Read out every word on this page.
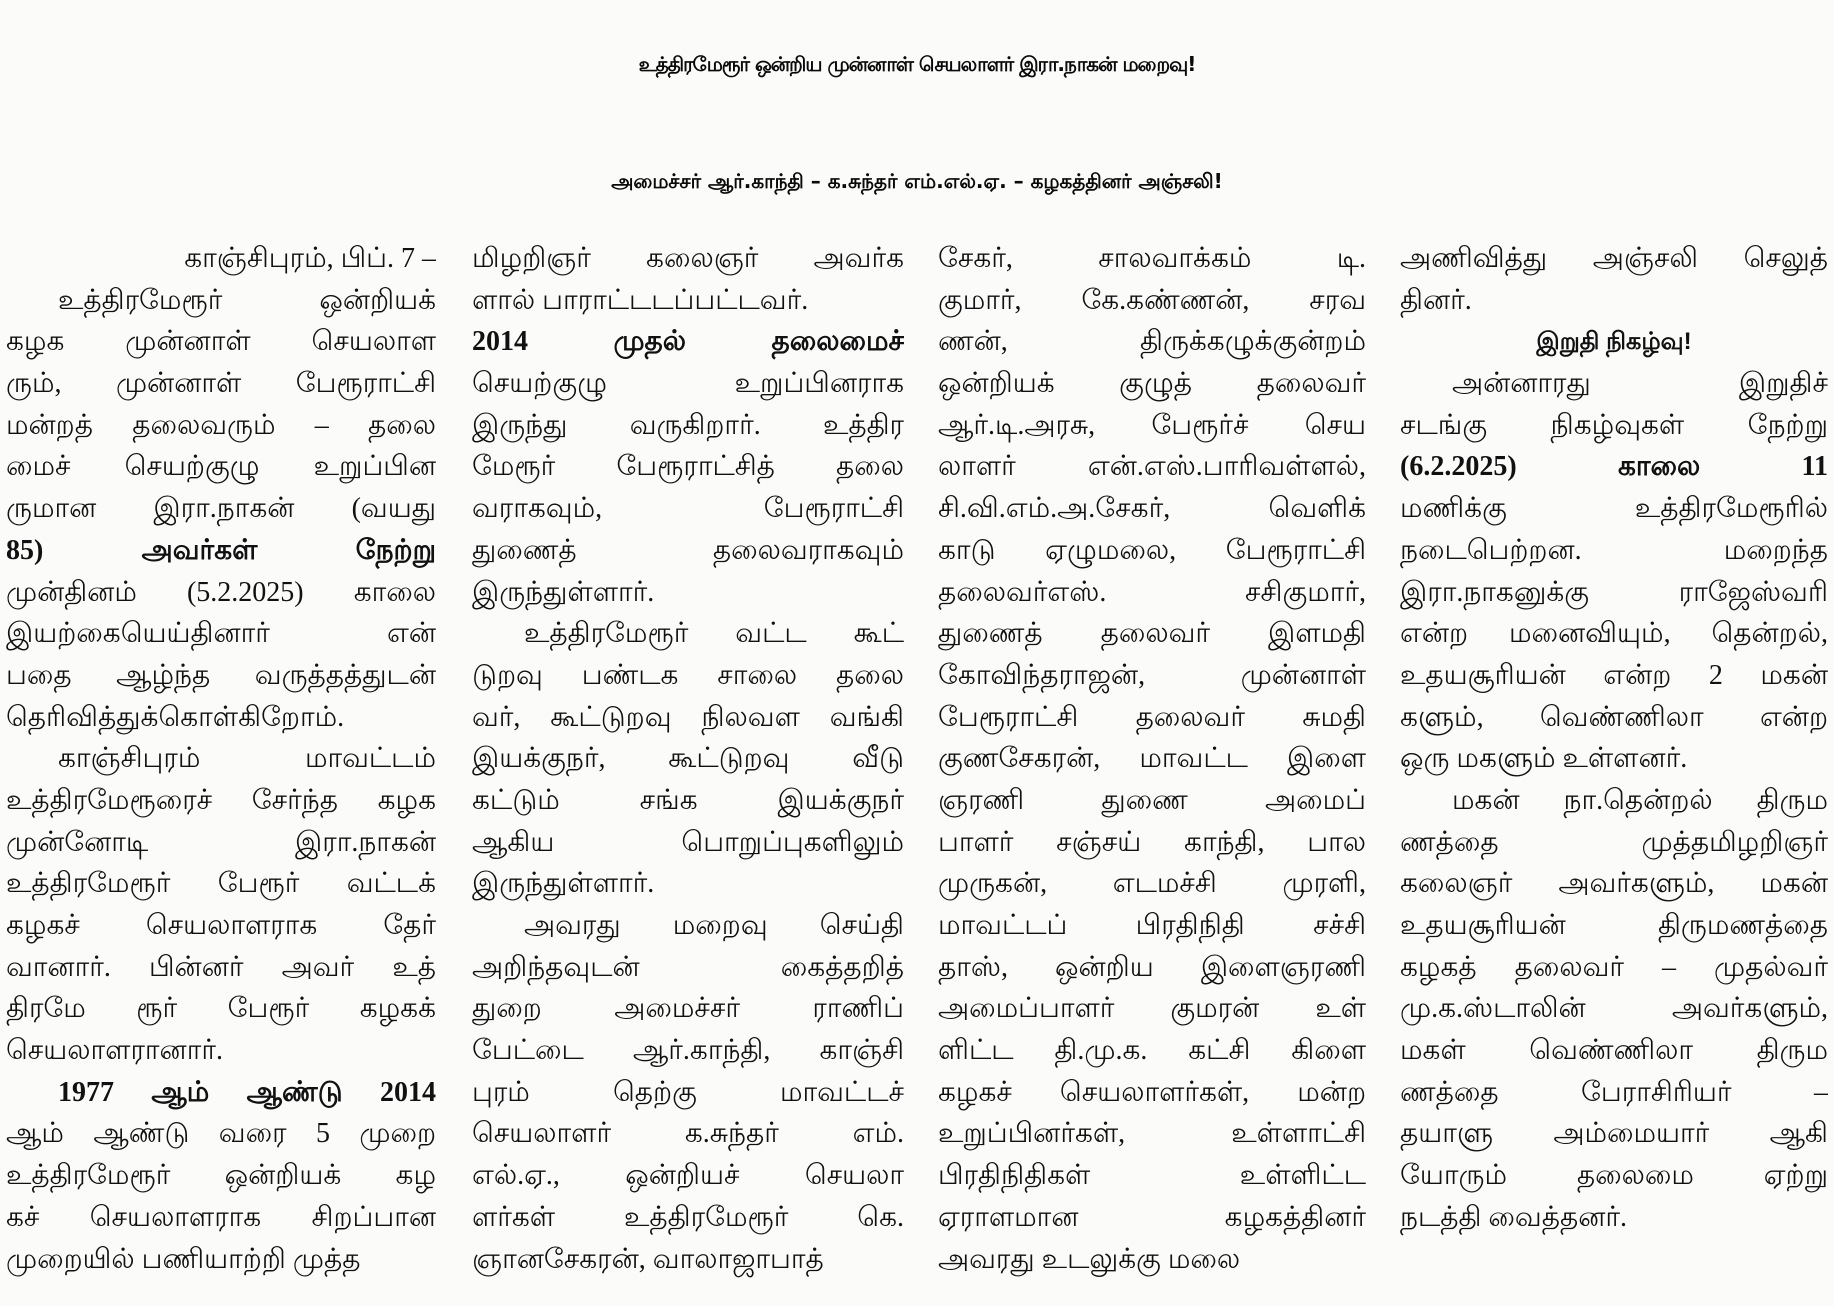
உத்திரமேரூர் ஒன்றிய முன்னாள் செயலாளர் இரா.நாகன் மறைவு!
அமைச்சர் ஆர்.காந்தி – க.சுந்தர் எம்.எல்.ஏ. – கழகத்தினர் அஞ்சலி!
காஞ்சிபுரம், பிப். 7 –
உத்திரமேரூர் ஒன்றியக்
கழக முன்னாள் செயலாள
ரும், முன்னாள் பேரூராட்சி
மன்றத் தலைவரும் – தலை
மைச் செயற்குழு உறுப்பின
ருமான இரா.நாகன் (வயது
85) அவர்கள் நேற்று
முன்தினம் (5.2.2025) காலை
இயற்கையெய்தினார் என்
பதை ஆழ்ந்த வருத்தத்துடன்
தெரிவித்துக்கொள்கிறோம்.
காஞ்சிபுரம் மாவட்டம்
உத்திரமேரூரைச் சேர்ந்த கழக
முன்னோடி இரா.நாகன்
உத்திரமேரூர் பேரூர் வட்டக்
கழகச் செயலாளராக தேர்
வானார். பின்னர் அவர் உத்
திரமே ரூர் பேரூர் கழகக்
செயலாளரானார்.
1977 ஆம் ஆண்டு 2014
ஆம் ஆண்டு வரை 5 முறை
உத்திரமேரூர் ஒன்றியக் கழ
கச் செயலாளராக சிறப்பான
முறையில் பணியாற்றி முத்த
மிழறிஞர் கலைஞர் அவர்க
ளால் பாராட்டடப்பட்டவர்.
2014 முதல் தலைமைச்
செயற்குழு உறுப்பினராக
இருந்து வருகிறார். உத்திர
மேரூர் பேரூராட்சித் தலை
வராகவும், பேரூராட்சி
துணைத் தலைவராகவும்
இருந்துள்ளார்.
உத்திரமேரூர் வட்ட கூட்
டுறவு பண்டக சாலை தலை
வர், கூட்டுறவு நிலவள வங்கி
இயக்குநர், கூட்டுறவு வீடு
கட்டும் சங்க இயக்குநர்
ஆகிய பொறுப்புகளிலும்
இருந்துள்ளார்.
அவரது மறைவு செய்தி
அறிந்தவுடன் கைத்தறித்
துறை அமைச்சர் ராணிப்
பேட்டை ஆர்.காந்தி, காஞ்சி
புரம் தெற்கு மாவட்டச்
செயலாளர் க.சுந்தர் எம்.
எல்.ஏ., ஒன்றியச் செயலா
ளர்கள் உத்திரமேரூர் கெ.
ஞானசேகரன், வாலாஜாபாத்
சேகர், சாலவாக்கம் டி.
குமார், கே.கண்ணன், சரவ
ணன், திருக்கழுக்குன்றம்
ஒன்றியக் குழுத் தலைவர்
ஆர்.டி.அரசு, பேரூர்ச் செய
லாளர் என்.எஸ்.பாரிவள்ளல்,
சி.வி.எம்.அ.சேகர், வெளிக்
காடு ஏழுமலை, பேரூராட்சி
தலைவர்எஸ். சசிகுமார்,
துணைத் தலைவர் இளமதி
கோவிந்தராஜன், முன்னாள்
பேரூராட்சி தலைவர் சுமதி
குணசேகரன், மாவட்ட இளை
ஞரணி துணை அமைப்
பாளர் சஞ்சய் காந்தி, பால
முருகன், எடமச்சி முரளி,
மாவட்டப் பிரதிநிதி சச்சி
தாஸ், ஒன்றிய இளைஞரணி
அமைப்பாளர் குமரன் உள்
ளிட்ட தி.மு.க. கட்சி கிளை
கழகச் செயலாளர்கள், மன்ற
உறுப்பினர்கள், உள்ளாட்சி
பிரதிநிதிகள் உள்ளிட்ட
ஏராளமான கழகத்தினர்
அவரது உடலுக்கு மலை
அணிவித்து அஞ்சலி செலுத்
தினர்.
இறுதி நிகழ்வு!
அன்னாரது இறுதிச்
சடங்கு நிகழ்வுகள் நேற்று
(6.2.2025) காலை 11
மணிக்கு உத்திரமேரூரில்
நடைபெற்றன. மறைந்த
இரா.நாகனுக்கு ராஜேஸ்வரி
என்ற மனைவியும், தென்றல்,
உதயசூரியன் என்ற 2 மகன்
களும், வெண்ணிலா என்ற
ஒரு மகளும் உள்ளனர்.
மகன் நா.தென்றல் திரும
ணத்தை முத்தமிழறிஞர்
கலைஞர் அவர்களும், மகன்
உதயசூரியன் திருமணத்தை
கழகத் தலைவர் – முதல்வர்
மு.க.ஸ்டாலின் அவர்களும்,
மகள் வெண்ணிலா திரும
ணத்தை பேராசிரியர் –
தயாளு அம்மையார் ஆகி
யோரும் தலைமை ஏற்று
நடத்தி வைத்தனர்.
